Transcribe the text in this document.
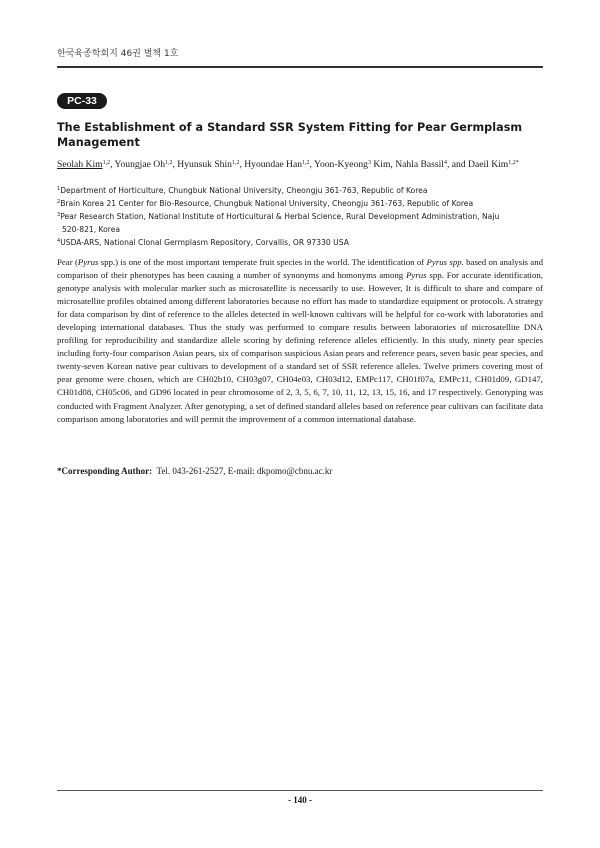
한국육종학회지 46권 별책 1호
PC-33
The Establishment of a Standard SSR System Fitting for Pear Germplasm Management
Seolah Kim$^{1,2}$, Youngjae Oh$^{1,2}$, Hyunsuk Shin$^{1,2}$, Hyoundae Han$^{1,2}$, Yoon-Kyeong$^3$ Kim, Nahla Bassil$^4$, and Daeil Kim$^{1,2*}$
$^1$Department of Horticulture, Chungbuk National University, Cheongju 361-763, Republic of Korea
$^2$Brain Korea 21 Center for Bio-Resource, Chungbuk National University, Cheongju 361-763, Republic of Korea
$^3$Pear Research Station, National Institute of Horticultural & Herbal Science, Rural Development Administration, Naju
520-821, Korea
$^4$USDA-ARS, National Clonal Germplasm Repository, Corvallis, OR 97330 USA

Pear (Pyrus spp.) is one of the most important temperate fruit species in the world. The identification of Pyrus spp. based on analysis and comparison of their phenotypes has been causing a number of synonyms and homonyms among Pyrus spp. For accurate identification, genotype analysis with molecular marker such as microsatellite is necessarily to use. However, It is difficult to share and compare of microsatellite profiles obtained among different laboratories because no effort has made to standardize equipment or protocols. A strategy for data comparison by dint of reference to the alleles detected in well-known cultivars will be helpful for co-work with laboratories and developing international databases. Thus the study was performed to compare results between laboratories of microsatellite DNA profiling for reproducibility and standardize allele scoring by defining reference alleles efficiently. In this study, ninety pear species including forty-four comparison Asian pears, six of comparison suspicious Asian pears and reference pears, seven basic pear species, and twenty-seven Korean native pear cultivars to development of a standard set of SSR reference alleles. Twelve primers covering most of pear genome were chosen, which are CH02b10, CH03g07, CH04e03, CH03d12, EMPc117, CH01f07a, EMPc11, CH01d09, GD147, CH01d08, CH05c06, and GD96 located in pear chromosome of 2, 3, 5, 6, 7, 10, 11, 12, 13, 15, 16, and 17 respectively. Genotyping was conducted with Fragment Analyzer. After genotyping, a set of defined standard alleles based on reference pear cultivars can facilitate data comparison among laboratories and will permit the improvement of a common international database.

*Corresponding Author: Tel. 043-261-2527, E-mail: dkpomo@cbnu.ac.kr
- 140 -
